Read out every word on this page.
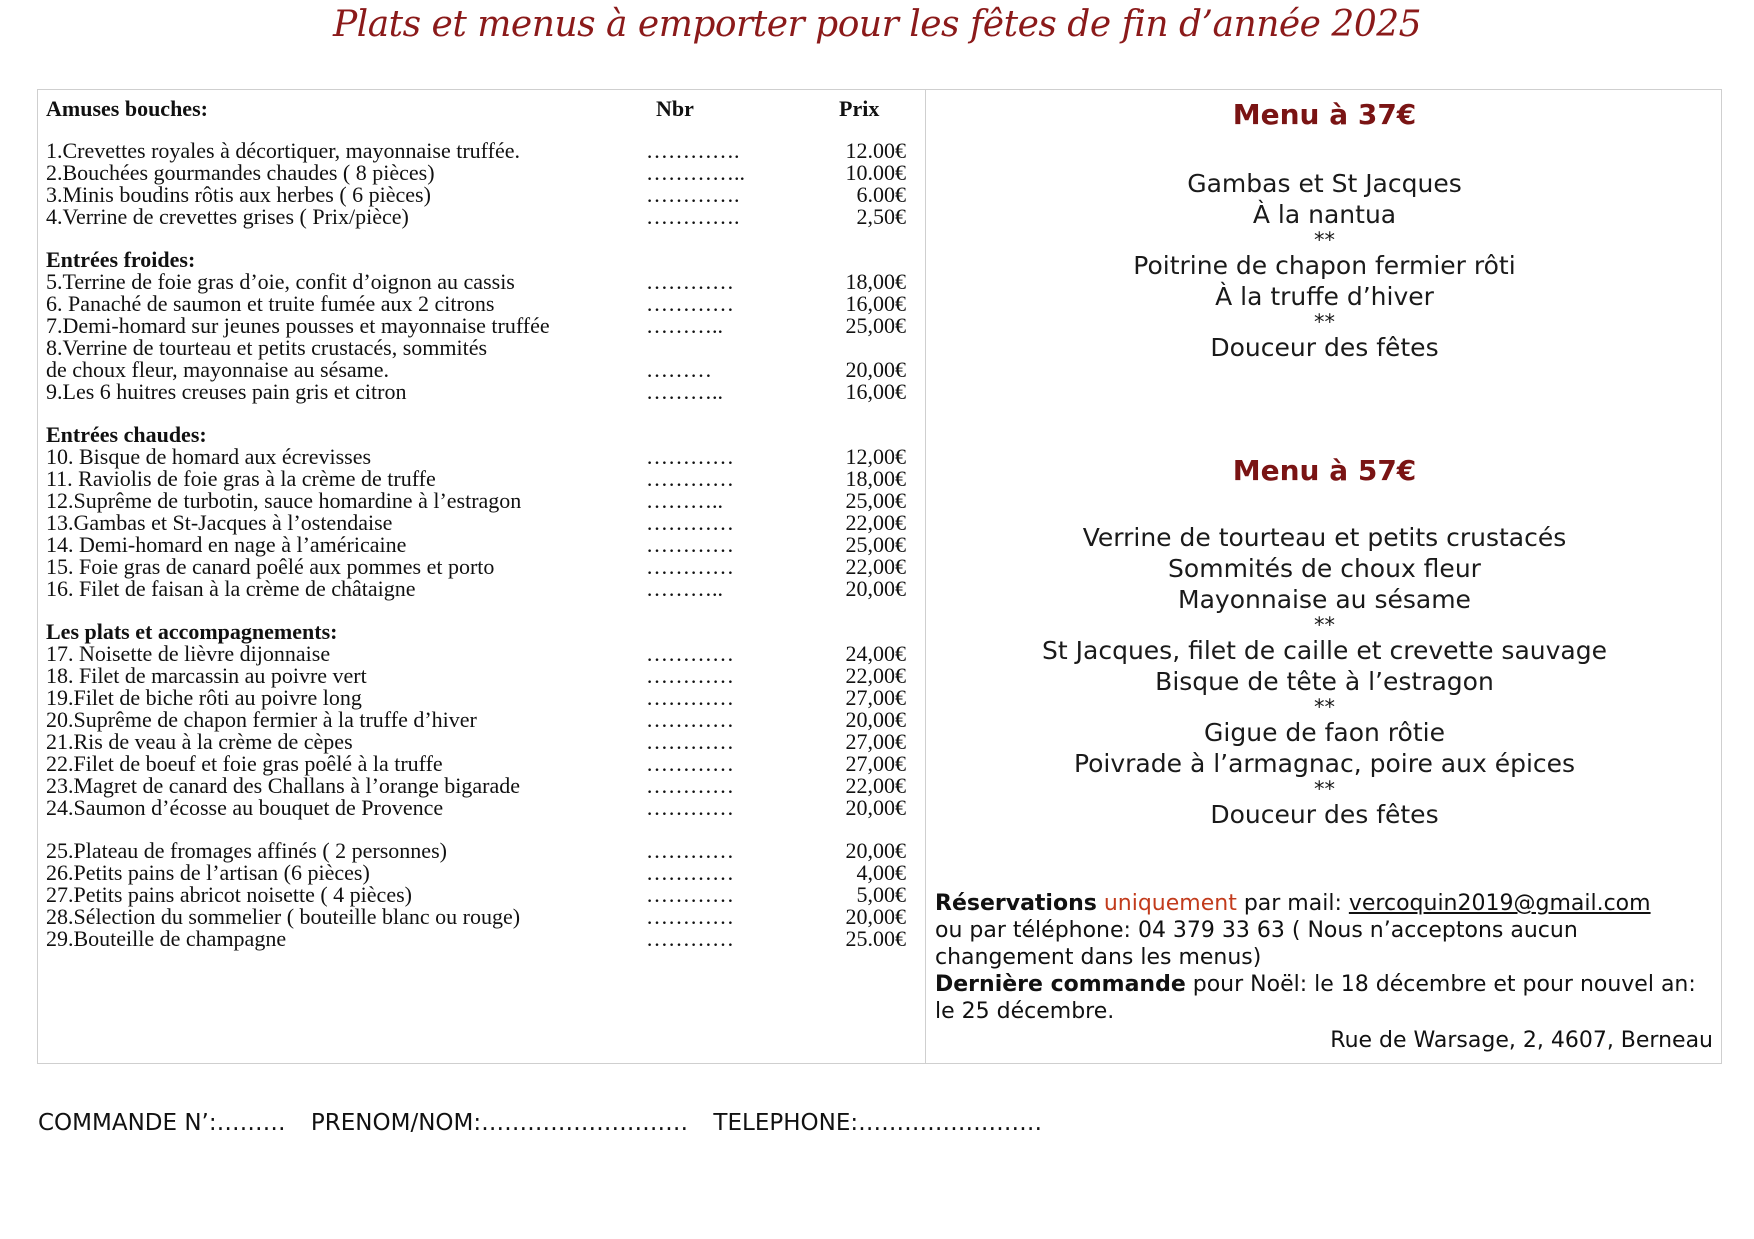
Plats et menus à emporter pour les fêtes de fin d’année 2025
Amuses bouches:	Nbr	Prix
1.Crevettes royales à décortiquer, mayonnaise truffée.	………….	12.00€
2.Bouchées gourmandes chaudes ( 8 pièces)	…………..	10.00€
3.Minis boudins rôtis aux herbes ( 6 pièces)	………….	6.00€
4.Verrine de crevettes grises ( Prix/pièce)	………….	2,50€
Entrées froides:
5.Terrine de foie gras d’oie, confit d’oignon au cassis	…………	18,00€
6. Panaché de saumon et truite fumée aux 2 citrons	…………	16,00€
7.Demi-homard sur jeunes pousses et mayonnaise truffée	………..	25,00€
8.Verrine de tourteau et petits crustacés, sommités
de choux fleur, mayonnaise au sésame.	………	20,00€
9.Les 6 huitres creuses pain gris et citron	………..	16,00€
Entrées chaudes:
10. Bisque de homard aux écrevisses	…………	12,00€
11. Raviolis de foie gras à la crème de truffe	…………	18,00€
12.Suprême de turbotin, sauce homardine à l’estragon	………..	25,00€
13.Gambas et St-Jacques à l’ostendaise	…………	22,00€
14. Demi-homard en nage à l’américaine	…………	25,00€
15. Foie gras de canard poêlé aux pommes et porto	…………	22,00€
16. Filet de faisan à la crème de châtaigne	………..	20,00€
Les plats et accompagnements:
17. Noisette de lièvre dijonnaise	…………	24,00€
18. Filet de marcassin au poivre vert	…………	22,00€
19.Filet de biche rôti au poivre long	…………	27,00€
20.Suprême de chapon fermier à la truffe d’hiver	…………	20,00€
21.Ris de veau à la crème de cèpes	…………	27,00€
22.Filet de boeuf et foie gras poêlé à la truffe	…………	27,00€
23.Magret de canard des Challans à l’orange bigarade	…………	22,00€
24.Saumon d’écosse au bouquet de Provence	…………	20,00€
25.Plateau de fromages affinés ( 2 personnes)	…………	20,00€
26.Petits pains de l’artisan (6 pièces)	…………	4,00€
27.Petits pains abricot noisette ( 4 pièces)	…………	5,00€
28.Sélection du sommelier ( bouteille blanc ou rouge)	…………	20,00€
29.Bouteille de champagne	…………	25.00€
Menu à 37€
Gambas et St Jacques
À la nantua
**
Poitrine de chapon fermier rôti
À la truffe d’hiver
**
Douceur des fêtes
Menu à 57€
Verrine de tourteau et petits crustacés
Sommités de choux fleur
Mayonnaise au sésame
**
St Jacques, filet de caille et crevette sauvage
Bisque de tête à l’estragon
**
Gigue de faon rôtie
Poivrade à l’armagnac, poire aux épices
**
Douceur des fêtes
Réservations uniquement par mail: vercoquin2019@gmail.com
ou par téléphone: 04 379 33 63 ( Nous n’acceptons aucun changement dans les menus)
Dernière commande pour Noël: le 18 décembre et pour nouvel an: le 25 décembre.
Rue de Warsage, 2, 4607, Berneau
COMMANDE N’:……… PRENOM/NOM:……………………… TELEPHONE:……………………
